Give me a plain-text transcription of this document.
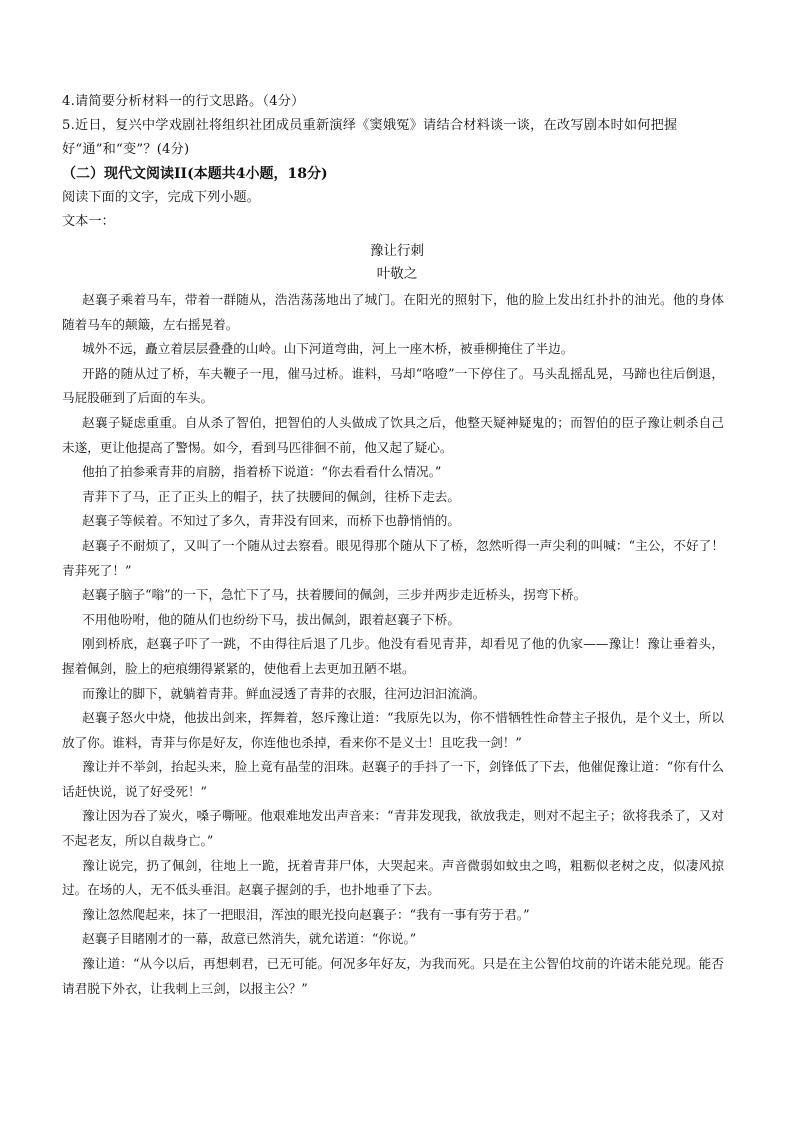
4.请简要分析材料一的行文思路。（4分）
5.近日，复兴中学戏剧社将组织社团成员重新演绎《窦娥冤》请结合材料谈一谈，在改写剧本时如何把握好“通”和“变”？(4分)
（二）现代文阅读II(本题共4小题，18分)
阅读下面的文字，完成下列小题。
文本一：
豫让行刺
叶敬之

赵襄子乘着马车，带着一群随从，浩浩荡荡地出了城门。在阳光的照射下，他的脸上发出红扑扑的油光。他的身体随着马车的颠簸，左右摇晃着。

城外不远，矗立着层层叠叠的山岭。山下河道弯曲，河上一座木桥，被垂柳掩住了半边。

开路的随从过了桥，车夫鞭子一甩，催马过桥。谁料，马却“咯噔”一下停住了。马头乱摇乱晃，马蹄也往后倒退，马屁股砸到了后面的车头。

赵襄子疑虑重重。自从杀了智伯，把智伯的人头做成了饮具之后，他整天疑神疑鬼的；而智伯的臣子豫让刺杀自己未遂，更让他提高了警惕。如今，看到马匹徘徊不前，他又起了疑心。

他拍了拍参乘青荓的肩膀，指着桥下说道：“你去看看什么情况。”

青荓下了马，正了正头上的帽子，扶了扶腰间的佩剑，往桥下走去。

赵襄子等候着。不知过了多久，青荓没有回来，而桥下也静悄悄的。

赵襄子不耐烦了，又叫了一个随从过去察看。眼见得那个随从下了桥，忽然听得一声尖利的叫喊：“主公，不好了！青荓死了！”

赵襄子脑子“嗡”的一下，急忙下了马，扶着腰间的佩剑，三步并两步走近桥头，拐弯下桥。

不用他吩咐，他的随从们也纷纷下马，拔出佩剑，跟着赵襄子下桥。

刚到桥底，赵襄子吓了一跳，不由得往后退了几步。他没有看见青荓，却看见了他的仇家——豫让！豫让垂着头，握着佩剑，脸上的疤痕绷得紧紧的，使他看上去更加丑陋不堪。

而豫让的脚下，就躺着青荓。鲜血浸透了青荓的衣服，往河边汩汩流淌。

赵襄子怒火中烧，他拔出剑来，挥舞着，怒斥豫让道：“我原先以为，你不惜牺牲性命替主子报仇，是个义士，所以放了你。谁料，青荓与你是好友，你连他也杀掉，看来你不是义士！且吃我一剑！”

豫让并不举剑，抬起头来，脸上竟有晶莹的泪珠。赵襄子的手抖了一下，剑锋低了下去，他催促豫让道：“你有什么话赶快说，说了好受死！”

豫让因为吞了炭火，嗓子嘶哑。他艰难地发出声音来：“青荓发现我，欲放我走，则对不起主子；欲将我杀了，又对不起老友，所以自裁身亡。”

豫让说完，扔了佩剑，往地上一跪，抚着青荓尸体，大哭起来。声音微弱如蚊虫之鸣，粗粝似老树之皮，似凄风掠过。在场的人，无不低头垂泪。赵襄子握剑的手，也扑地垂了下去。

豫让忽然爬起来，抹了一把眼泪，浑浊的眼光投向赵襄子：“我有一事有劳于君。”

赵襄子目睹刚才的一幕，敌意已然消失，就允诺道：“你说。”

豫让道：“从今以后，再想刺君，已无可能。何况多年好友，为我而死。只是在主公智伯坟前的许诺未能兑现。能否请君脱下外衣，让我刺上三剑，以报主公？”
